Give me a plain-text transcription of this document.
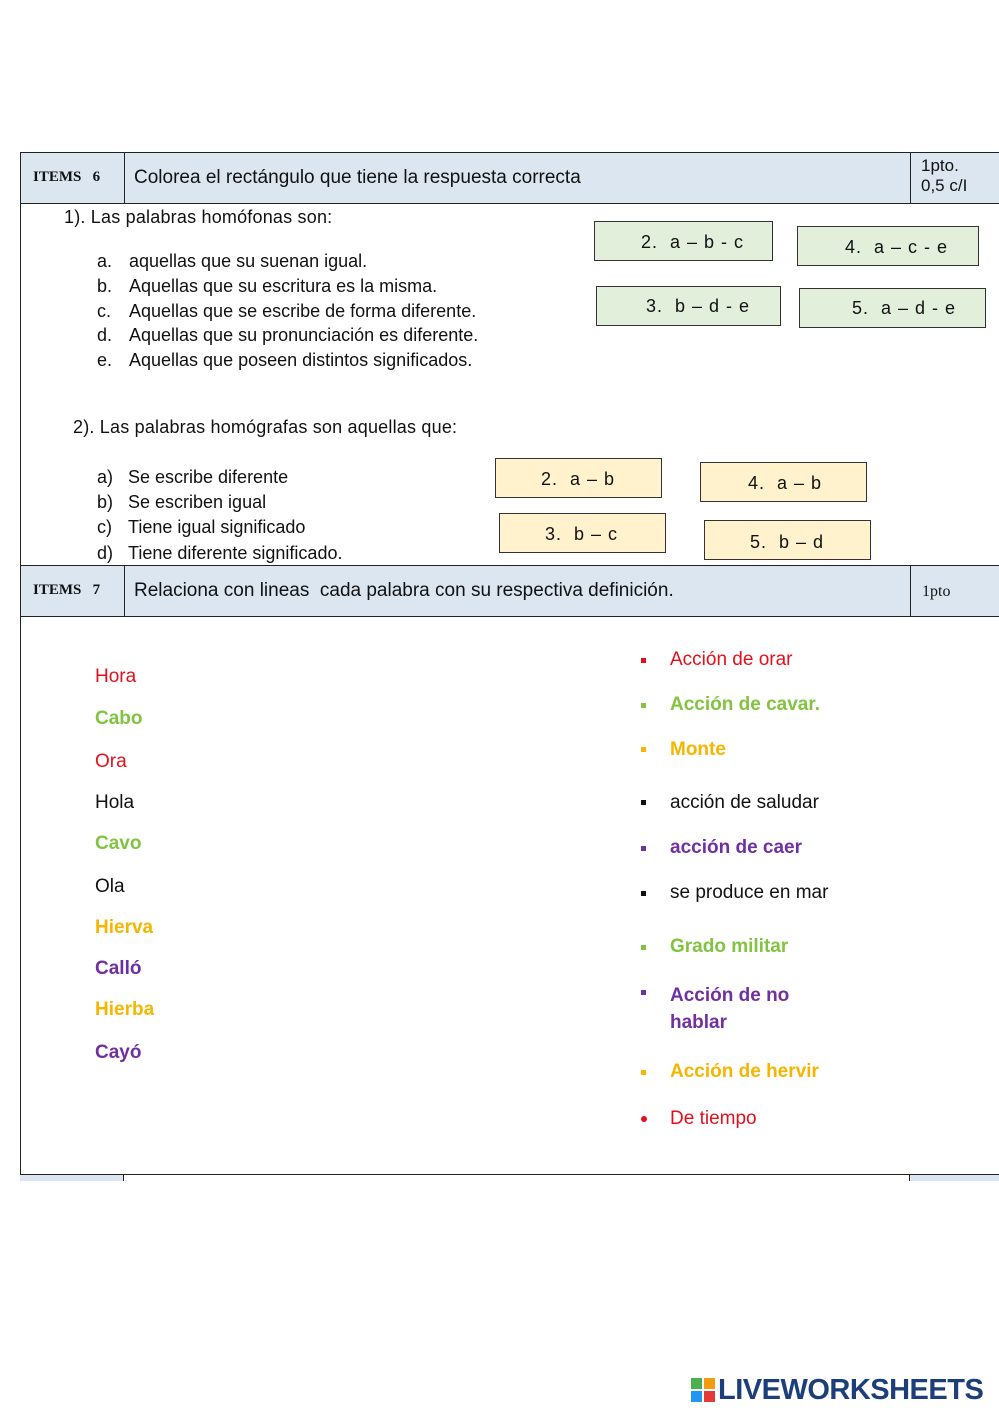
ITEMS 6 Colorea el rectángulo que tiene la respuesta correcta
1pto.
0,5 c/I
1). Las palabras homófonas son:
a. aquellas que su suenan igual.
b. Aquellas que su escritura es la misma.
c. Aquellas que se escribe de forma diferente.
d. Aquellas que su pronunciación es diferente.
e. Aquellas que poseen distintos significados.
2.  a – b - c	4.  a – c - e
3.  b – d - e	5.  a – d - e
2). Las palabras homógrafas son aquellas que:
a) Se escribe diferente
b) Se escriben igual
c) Tiene igual significado
d) Tiene diferente significado.
2.  a – b	4.  a – b
3.  b – c	5.  b – d
ITEMS 7 Relaciona con lineas  cada palabra con su respectiva definición.	1pto
Hora
Cabo
Ora
Hola
Cavo
Ola
Hierva
Calló
Hierba
Cayó
Acción de orar
Acción de cavar.
Monte
acción de saludar
acción de caer
se produce en mar
Grado militar
Acción de no
hablar
Acción de hervir
De tiempo
LIVEWORKSHEETS
